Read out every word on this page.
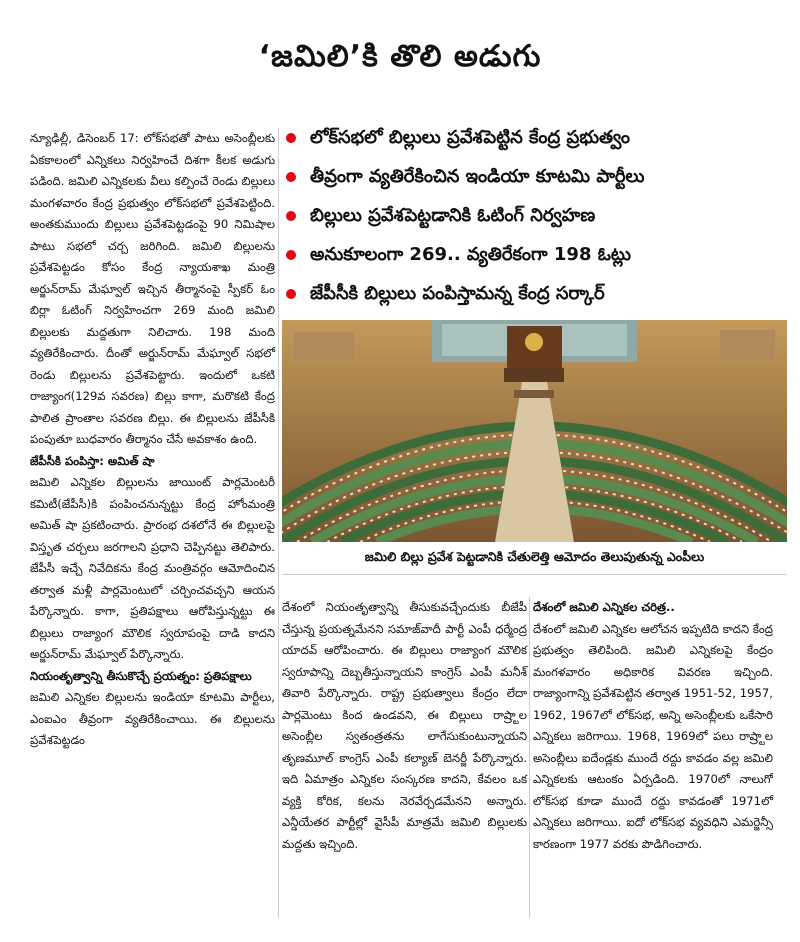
‘జమిలి’కి తొలి అడుగు

న్యూఢిల్లీ, డిసెంబర్‌ 17: లోక్‌సభతో పాటు అసెంబ్లీలకు ఏకకాలంలో ఎన్నికలు నిర్వహించే దిశగా కీలక అడుగు పడింది. జమిలి ఎన్నికలకు వీలు కల్పించే రెండు బిల్లులు మంగళవారం కేంద్ర ప్రభుత్వం లోక్‌సభలో ప్రవేశపెట్టింది. అంతకుముందు బిల్లులు ప్రవేశపెట్టడంపై 90 నిమిషాల పాటు సభలో చర్చ జరిగింది. జమిలి బిల్లులను ప్రవేశపెట్టడం కోసం కేంద్ర న్యాయశాఖ మంత్రి అర్జున్‌రామ్‌ మేఘ్వాల్‌ ఇచ్చిన తీర్మానంపై స్పీకర్‌ ఓం బిర్లా ఓటింగ్‌ నిర్వహించగా 269 మంది జమిలి బిల్లులకు మద్దతుగా నిలిచారు. 198 మంది వ్యతిరేకించారు. దీంతో అర్జున్‌రామ్‌ మేఘ్వాల్‌ సభలో రెండు బిల్లులను ప్రవేశపెట్టారు. ఇందులో ఒకటి రాజ్యాంగ(129వ సవరణ) బిల్లు కాగా, మరొకటి కేంద్ర పాలిత ప్రాంతాల సవరణ బిల్లు. ఈ బిల్లులను జేపీసీకి పంపుతూ బుధవారం తీర్మానం చేసే అవకాశం ఉంది.

జేపీసీకి పంపిస్తా: అమిత్‌ షా

జమిలి ఎన్నికల బిల్లులను జాయింట్‌ పార్లమెంటరీ కమిటీ(జేపీసీ)కి పంపించనున్నట్టు కేంద్ర హోంమంత్రి అమిత్‌ షా ప్రకటించారు. ప్రారంభ దశలోనే ఈ బిల్లులపై విస్తృత చర్చలు జరగాలని ప్రధాని చెప్పినట్టు తెలిపారు. జేపీసీ ఇచ్చే నివేదికను కేంద్ర మంత్రివర్గం ఆమోదించిన తర్వాత మళ్లీ పార్లమెంటులో చర్చించవచ్చని ఆయన పేర్కొన్నారు. కాగా, ప్రతిపక్షాలు ఆరోపిస్తున్నట్టు ఈ బిల్లులు రాజ్యాంగ మౌలిక స్వరూపంపై దాడి కాదని అర్జున్‌రామ్‌ మేఘ్వాల్‌ పేర్కొన్నారు.

నియంతృత్వాన్ని తీసుకొచ్చే ప్రయత్నం: ప్రతిపక్షాలు

జమిలి ఎన్నికల బిల్లులను ఇండియా కూటమి పార్టీలు, ఎంఐఎం తీవ్రంగా వ్యతిరేకించాయి. ఈ బిల్లులను ప్రవేశపెట్టడం

లోక్‌సభలో బిల్లులు ప్రవేశపెట్టిన కేంద్ర ప్రభుత్వం
తీవ్రంగా వ్యతిరేకించిన ఇండియా కూటమి పార్టీలు
బిల్లులు ప్రవేశపెట్టడానికి ఓటింగ్‌ నిర్వహణ
అనుకూలంగా 269.. వ్యతిరేకంగా 198 ఓట్లు
జేపీసీకి బిల్లులు పంపిస్తామన్న కేంద్ర సర్కార్‌
జమిలి బిల్లు ప్రవేశ పెట్టడానికి చేతులెత్తి ఆమోదం తెలుపుతున్న ఎంపీలు

దేశంలో నియంతృత్వాన్ని తీసుకువచ్చేందుకు బీజేపీ చేస్తున్న ప్రయత్నమేనని సమాజ్‌వాదీ పార్టీ ఎంపీ ధర్మేంద్ర యాదవ్‌ ఆరోపించారు. ఈ బిల్లులు రాజ్యాంగ మౌలిక స్వరూపాన్ని దెబ్బతీస్తున్నాయని కాంగ్రెస్‌ ఎంపీ మనీశ్‌ తివారి పేర్కొన్నారు. రాష్ట్ర ప్రభుత్వాలు కేంద్రం లేదా పార్లమెంటు కింద ఉండవని, ఈ బిల్లులు రాష్ర్టాల అసెంబ్లీల స్వతంత్రతను లాగేసుకుంటున్నాయని తృణమూల్‌ కాంగ్రెస్‌ ఎంపీ కల్యాణ్‌ బెనర్జీ పేర్కొన్నారు. ఇది ఏమాత్రం ఎన్నికల సంస్కరణ కాదని, కేవలం ఒక వ్యక్తి కోరిక, కలను నెరవేర్చడమేనని అన్నారు. ఎన్డీయేతర పార్టీల్లో వైసీపీ మాత్రమే జమిలి బిల్లులకు మద్దతు ఇచ్చింది.

దేశంలో జమిలి ఎన్నికల చరిత్ర..

దేశంలో జమిలి ఎన్నికల ఆలోచన ఇప్పటిది కాదని కేంద్ర ప్రభుత్వం తెలిపింది. జమిలి ఎన్నికలపై కేంద్రం మంగళవారం అధికారిక వివరణ ఇచ్చింది. రాజ్యాంగాన్ని ప్రవేశపెట్టిన తర్వాత 1951-52, 1957, 1962, 1967లో లోక్‌సభ, అన్ని అసెంబ్లీలకు ఒకేసారి ఎన్నికలు జరిగాయి. 1968, 1969లో పలు రాష్ర్టాల అసెంబ్లీలు ఐదేండ్లకు ముందే రద్దు కావడం వల్ల జమిలి ఎన్నికలకు ఆటంకం ఏర్పడింది. 1970లో నాలుగో లోక్‌సభ కూడా ముందే రద్దు కావడంతో 1971లో ఎన్నికలు జరిగాయి. ఐదో లోక్‌సభ వ్యవధిని ఎమర్జెన్సీ కారణంగా 1977 వరకు పొడిగించారు.
